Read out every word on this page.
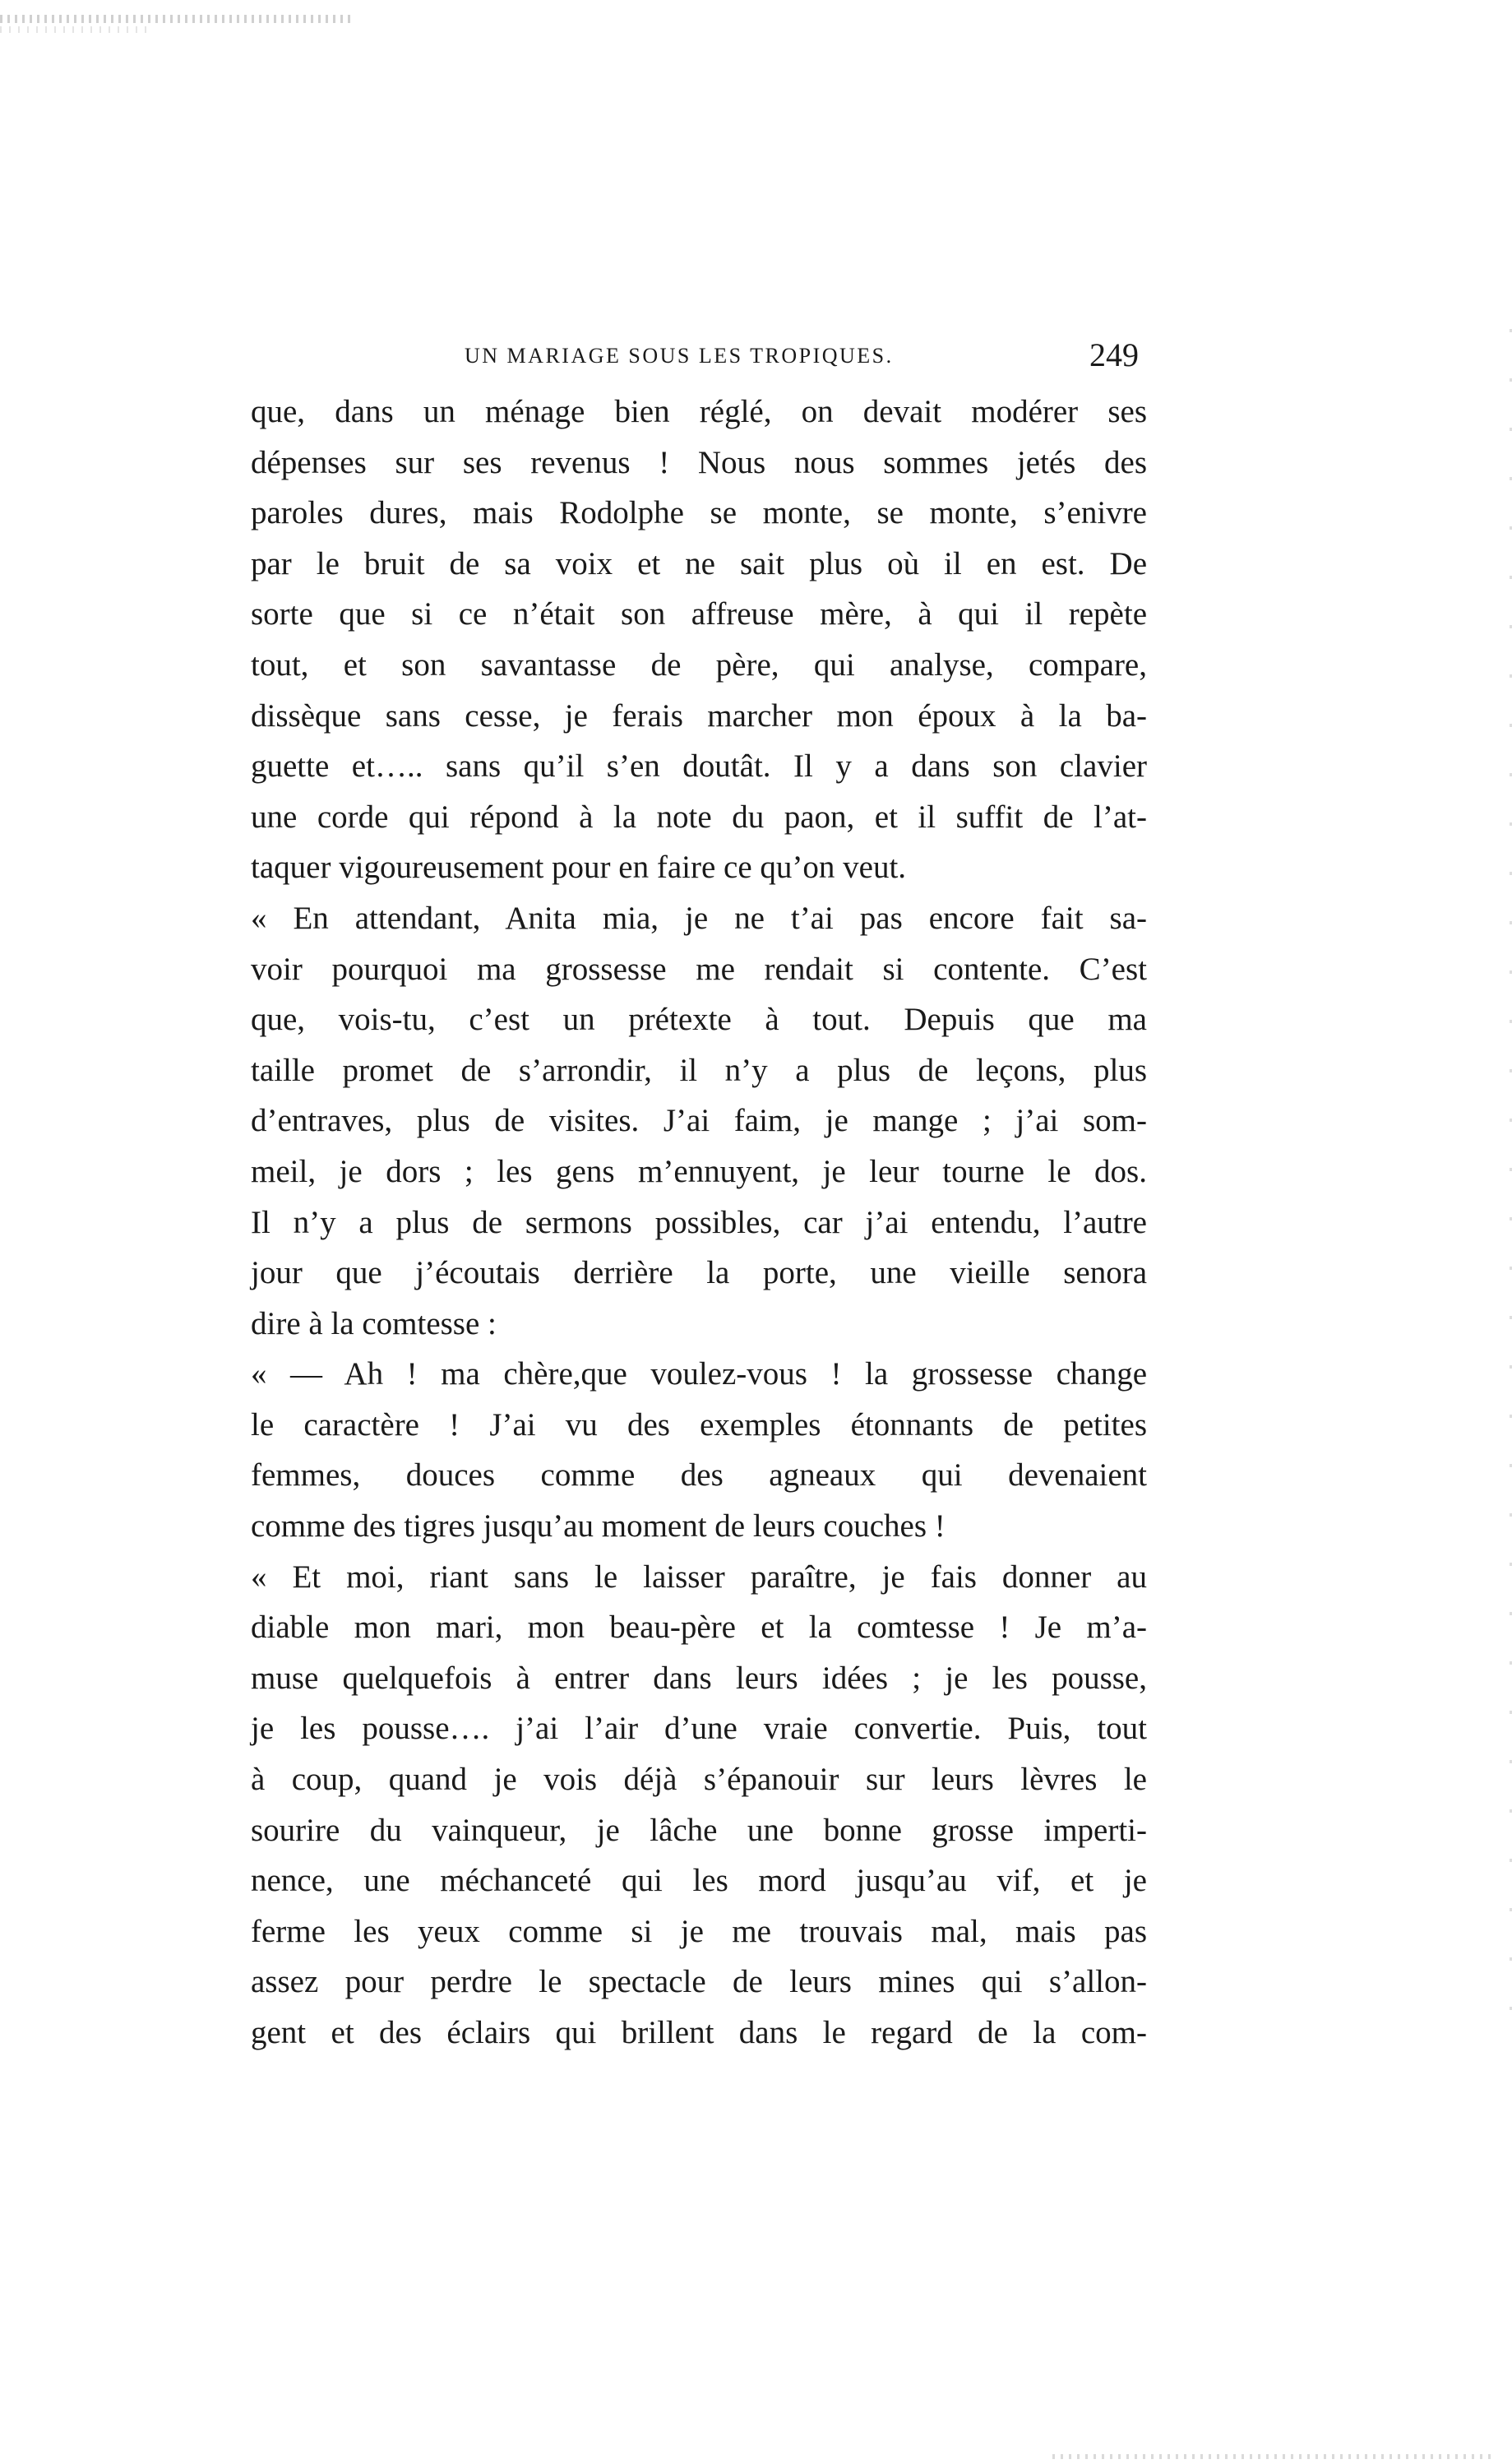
UN MARIAGE SOUS LES TROPIQUES.	249
que, dans un ménage bien réglé, on devait modérer ses
dépenses sur ses revenus ! Nous nous sommes jetés des
paroles dures, mais Rodolphe se monte, se monte, s’enivre
par le bruit de sa voix et ne sait plus où il en est. De
sorte que si ce n’était son affreuse mère, à qui il repète
tout, et son savantasse de père, qui analyse, compare,
dissèque sans cesse, je ferais marcher mon époux à la ba-
guette et….. sans qu’il s’en doutât. Il y a dans son clavier
une corde qui répond à la note du paon, et il suffit de l’at-
taquer vigoureusement pour en faire ce qu’on veut.
« En attendant, Anita mia, je ne t’ai pas encore fait sa-
voir pourquoi ma grossesse me rendait si contente. C’est
que, vois-tu, c’est un prétexte à tout. Depuis que ma
taille promet de s’arrondir, il n’y a plus de leçons, plus
d’entraves, plus de visites. J’ai faim, je mange ; j’ai som-
meil, je dors ; les gens m’ennuyent, je leur tourne le dos.
Il n’y a plus de sermons possibles, car j’ai entendu, l’autre
jour que j’écoutais derrière la porte, une vieille senora
dire à la comtesse :
« — Ah ! ma chère,que voulez-vous ! la grossesse change
le caractère ! J’ai vu des exemples étonnants de petites
femmes, douces comme des agneaux qui devenaient
comme des tigres jusqu’au moment de leurs couches !
« Et moi, riant sans le laisser paraître, je fais donner au
diable mon mari, mon beau-père et la comtesse ! Je m’a-
muse quelquefois à entrer dans leurs idées ; je les pousse,
je les pousse…. j’ai l’air d’une vraie convertie. Puis, tout
à coup, quand je vois déjà s’épanouir sur leurs lèvres le
sourire du vainqueur, je lâche une bonne grosse imperti-
nence, une méchanceté qui les mord jusqu’au vif, et je
ferme les yeux comme si je me trouvais mal, mais pas
assez pour perdre le spectacle de leurs mines qui s’allon-
gent et des éclairs qui brillent dans le regard de la com-
